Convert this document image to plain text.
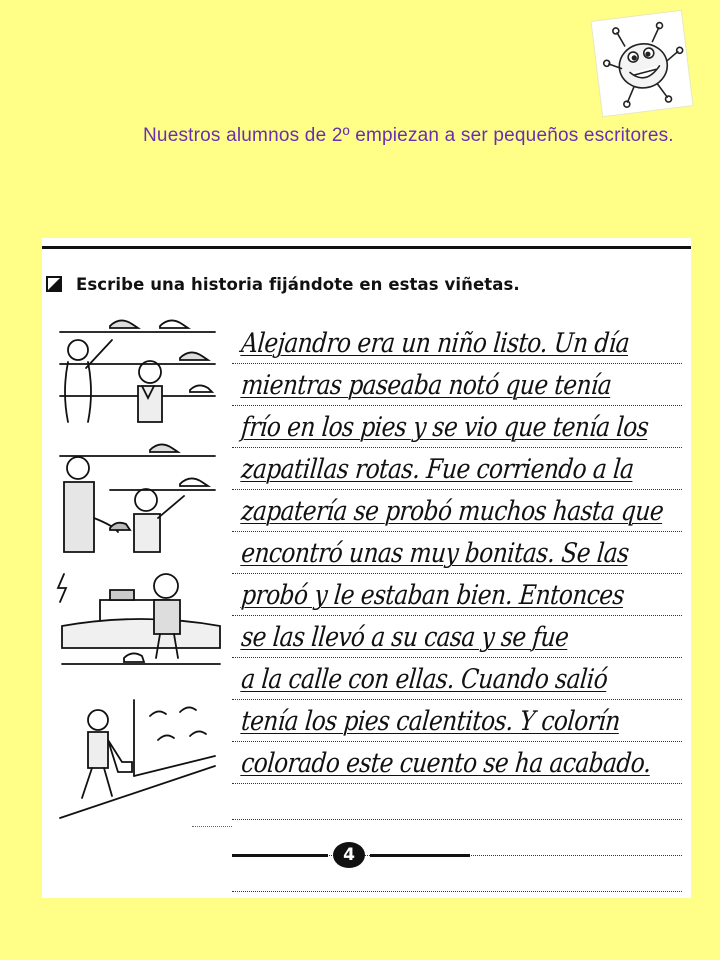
Nuestros alumnos de 2º empiezan a ser pequeños escritores.

Escribe una historia fijándote en estas viñetas.
Alejandro era un niño listo. Un día
mientras paseaba notó que tenía
frío en los pies y se vio que tenía los
zapatillas rotas. Fue corriendo a la
zapatería se probó muchos hasta que
encontró unas muy bonitas. Se las
probó y le estaban bien. Entonces
se las llevó a su casa y se fue
a la calle con ellas. Cuando salió
tenía los pies calentitos. Y colorín
colorado este cuento se ha acabado.
4
